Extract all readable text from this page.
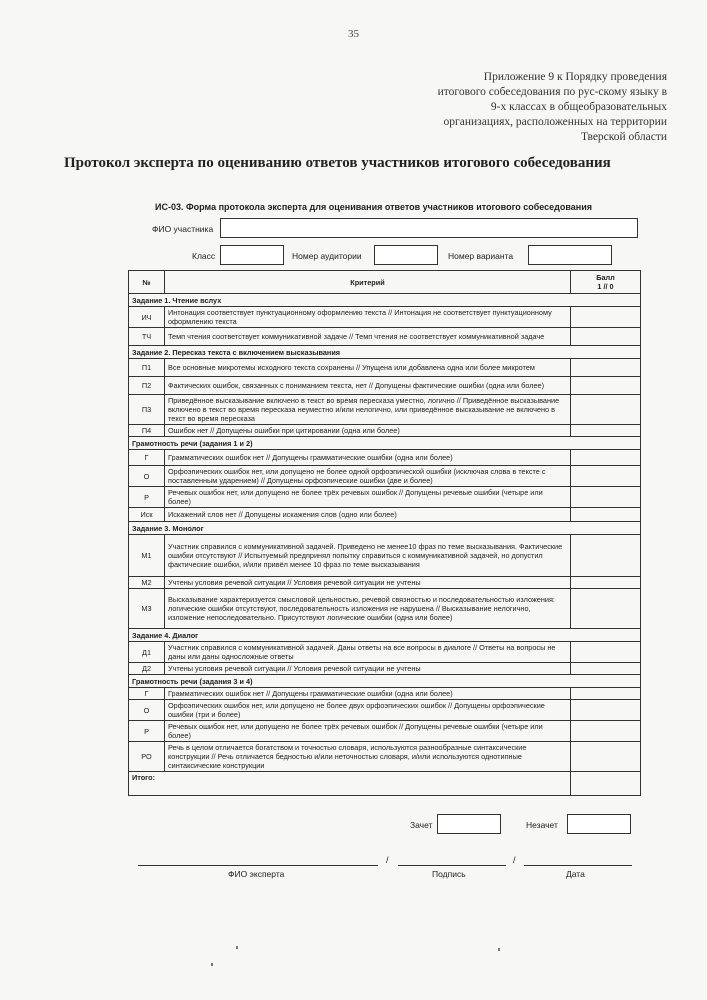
35
Приложение 9 к Порядку проведения
итогового собеседования по рус-скому языку в
9-х классах в общеобразовательных
организациях, расположенных на территории
Тверской области
Протокол эксперта по оцениванию ответов участников итогового собеседования
ИС-03. Форма протокола эксперта для оценивания ответов участников итогового собеседования
ФИО участника
Класс	Номер аудитории	Номер варианта
№	Критерий	Балл
1 // 0

Задание 1. Чтение вслух		
ИЧ	Интонация соответствует пунктуационному оформлению текста // Интонация не соответствует пунктуационному оформлению текста	
ТЧ	Темп чтения соответствует коммуникативной задаче // Темп чтения не соответствует коммуникативной задаче	
Задание 2. Пересказ текста с включением высказывания		
П1	Все основные микротемы исходного текста сохранены // Упущена или добавлена одна или более микротем	
П2	Фактических ошибок, связанных с пониманием текста, нет // Допущены фактические ошибки (одна или более)	
П3	Приведённое высказывание включено в текст во время пересказа уместно, логично // Приведённое высказывание включено в текст во время пересказа неуместно и/или нелогично, или приведённое высказывание не включено в текст во время пересказа	
П4	Ошибок нет // Допущены ошибки при цитировании (одна или более)	
Грамотность речи (задания 1 и 2)		
Г	Грамматических ошибок нет // Допущены грамматические ошибки (одна или более)	
О	Орфоэпических ошибок нет, или допущено не более одной орфоэпической ошибки (исключая слова в тексте с поставленным ударением) // Допущены орфоэпические ошибки (две и более)	
Р	Речевых ошибок нет, или допущено не более трёх речевых ошибок // Допущены речевые ошибки (четыре или более)	
Иск	Искажений слов нет // Допущены искажения слов (одно или более)	
Задание 3. Монолог		
М1	Участник справился с коммуникативной задачей. Приведено не менее10 фраз по теме высказывания. Фактические ошибки отсутствуют // Испытуемый предпринял попытку справиться с коммуникативной задачей, но допустил фактические ошибки, и/или привёл менее 10 фраз по теме высказывания	
М2	Учтены условия речевой ситуации // Условия речевой ситуации не учтены	
М3	Высказывание характеризуется смысловой цельностью, речевой связностью и последовательностью изложения: логические ошибки отсутствуют, последовательность изложения не нарушена // Высказывание нелогично, изложение непоследовательно. Присутствуют логические ошибки (одна или более)	
Задание 4. Диалог		
Д1	Участник справился с коммуникативной задачей. Даны ответы на все вопросы в диалоге // Ответы на вопросы не даны или даны односложные ответы	
Д2	Учтены условия речевой ситуации // Условия речевой ситуации не учтены	
Грамотность речи (задания 3 и 4)		
Г	Грамматических ошибок нет // Допущены грамматические ошибки (одна или более)	
О	Орфоэпических ошибок нет, или допущено не более двух орфоэпических ошибок // Допущены орфоэпические ошибки (три и более)	
Р	Речевых ошибок нет, или допущено не более трёх речевых ошибок // Допущены речевые ошибки (четыре или более)	
РО	Речь в целом отличается богатством и точностью словаря, используются разнообразные синтаксические конструкции // Речь отличается бедностью и/или неточностью словаря, и/или используются однотипные синтаксические конструкции	
Итого:		
Зачет	Незачет
/	/
ФИО эксперта	Подпись	Дата
